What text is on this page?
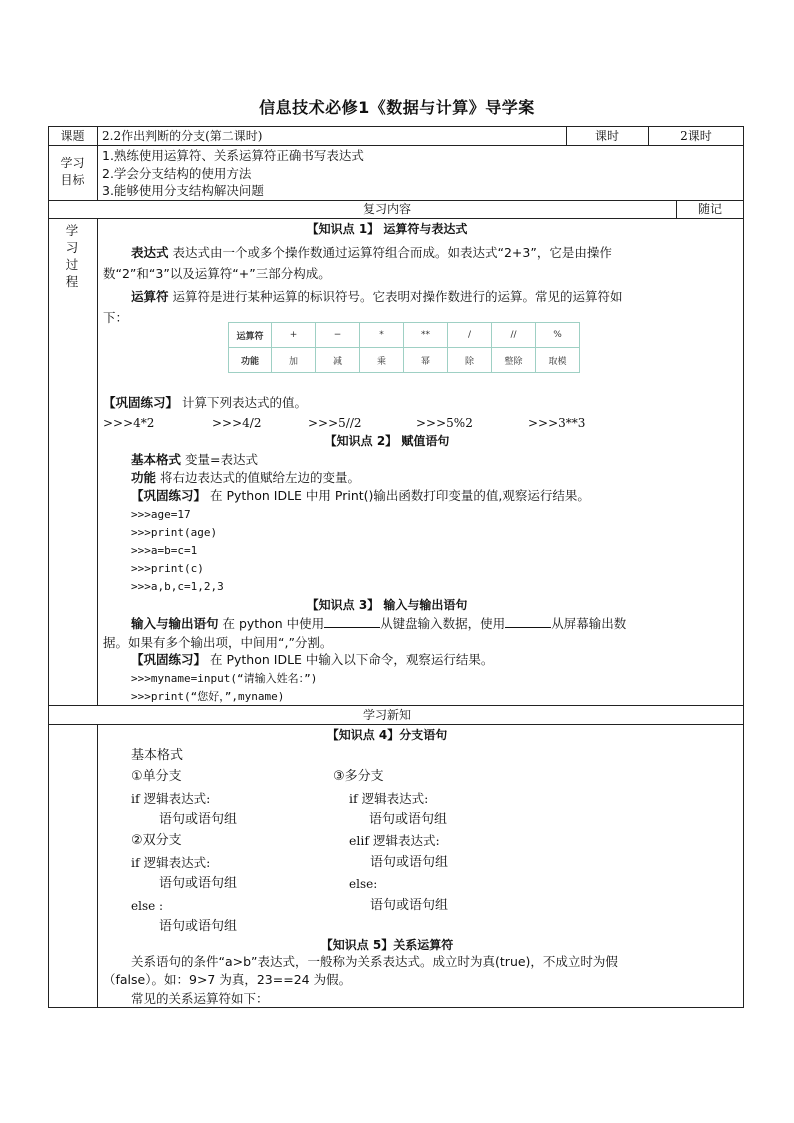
信息技术必修1《数据与计算》导学案
课题	2.2作出判断的分支(第二课时)	课时	2课时
学习
目标
1.熟练使用运算符、关系运算符正确书写表达式
2.学会分支结构的使用方法
3.能够使用分支结构解决问题
复习内容	随记
学
习
过
程
【知识点 1】 运算符与表达式
表达式 表达式由一个或多个操作数通过运算符组合而成。如表达式“2+3”，它是由操作数“2”和“3”以及运算符“+”三部分构成。
运算符 运算符是进行某种运算的标识符号。它表明对操作数进行的运算。常见的运算符如下：
运算符	+	−	*	**	/	//	%
功能	加	减	乘	幂	除	整除	取模
【巩固练习】 计算下列表达式的值。
>>>4*2	>>>4/2	>>>5//2	>>>5%2	>>>3**3
【知识点 2】 赋值语句
基本格式 变量=表达式
功能 将右边表达式的值赋给左边的变量。
【巩固练习】 在 Python IDLE 中用 Print()输出函数打印变量的值,观察运行结果。
>>>age=17
>>>print(age)
>>>a=b=c=1
>>>print(c)
>>>a,b,c=1,2,3
【知识点 3】 输入与输出语句
输入与输出语句 在 python 中使用	从键盘输入数据，使用	从屏幕输出数据。如果有多个输出项，中间用“,”分割。
【巩固练习】 在 Python IDLE 中输入以下命令，观察运行结果。
>>>myname=input(“请输入姓名：”)
>>>print(“您好，”,myname)
学习新知
【知识点 4】分支语句
基本格式
①单分支
if 逻辑表达式:
语句或语句组
②双分支
if 逻辑表达式:
语句或语句组
else :
语句或语句组
③多分支
if 逻辑表达式:
语句或语句组
elif 逻辑表达式:
语句或语句组
else:
语句或语句组
【知识点 5】关系运算符
关系语句的条件“a>b”表达式，一般称为关系表达式。成立时为真(true)，不成立时为假（false）。如：9>7 为真，23==24 为假。
常见的关系运算符如下：
